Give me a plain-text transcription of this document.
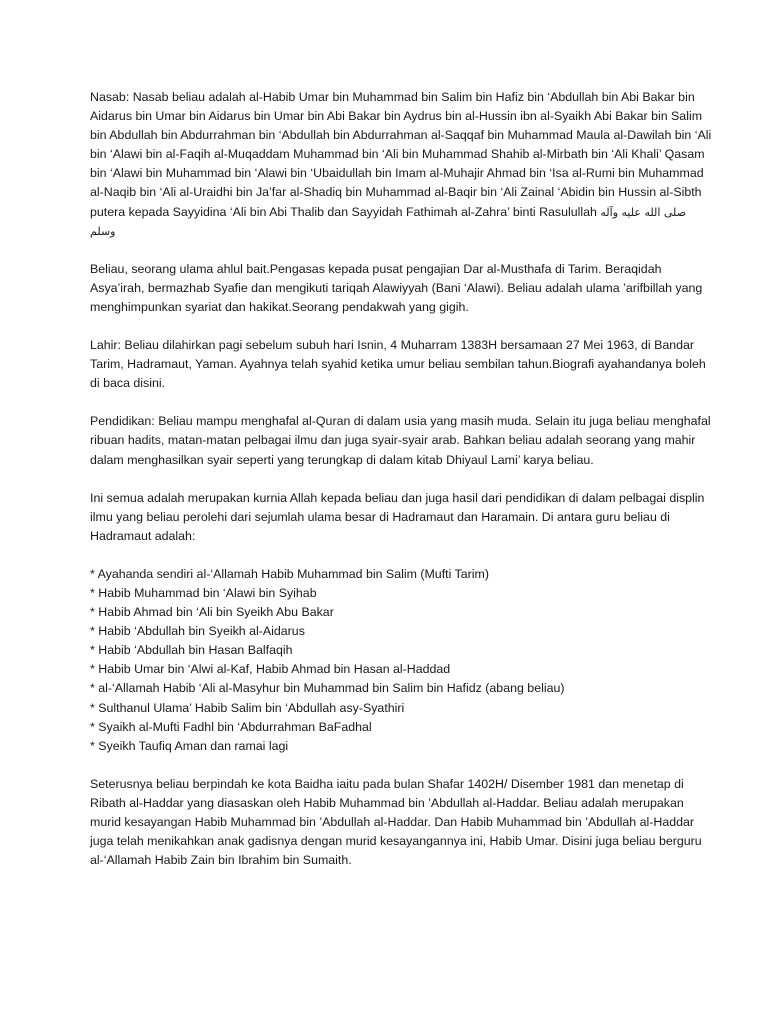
Nasab: Nasab beliau adalah al-Habib Umar bin Muhammad bin Salim bin Hafiz bin ‘Abdullah bin Abi Bakar bin Aidarus bin Umar bin Aidarus bin Umar bin Abi Bakar bin Aydrus bin al-Hussin ibn al-Syaikh Abi Bakar bin Salim bin Abdullah bin Abdurrahman bin ‘Abdullah bin Abdurrahman al-Saqqaf bin Muhammad Maula al-Dawilah bin ‘Ali bin ‘Alawi bin al-Faqih al-Muqaddam Muhammad bin ‘Ali bin Muhammad Shahib al-Mirbath bin ‘Ali Khali’ Qasam bin ‘Alawi bin Muhammad bin ‘Alawi bin ‘Ubaidullah bin Imam al-Muhajir Ahmad bin ‘Isa al-Rumi bin Muhammad al-Naqib bin ‘Ali al-Uraidhi bin Ja’far al-Shadiq bin Muhammad al-Baqir bin ‘Ali Zainal ‘Abidin bin Hussin al-Sibth putera kepada Sayyidina ‘Ali bin Abi Thalib dan Sayyidah Fathimah al-Zahra’ binti Rasulullah صلى الله عليه وآله وسلم

Beliau, seorang ulama ahlul bait.Pengasas kepada pusat pengajian Dar al-Musthafa di Tarim. Beraqidah Asya’irah, bermazhab Syafie dan mengikuti tariqah Alawiyyah (Bani ‘Alawi). Beliau adalah ulama ’arifbillah yang menghimpunkan syariat dan hakikat.Seorang pendakwah yang gigih.

Lahir: Beliau dilahirkan pagi sebelum subuh hari Isnin, 4 Muharram 1383H bersamaan 27 Mei 1963, di Bandar Tarim, Hadramaut, Yaman. Ayahnya telah syahid ketika umur beliau sembilan tahun.Biografi ayahandanya boleh di baca disini.

Pendidikan: Beliau mampu menghafal al-Quran di dalam usia yang masih muda. Selain itu juga beliau menghafal ribuan hadits, matan-matan pelbagai ilmu dan juga syair-syair arab. Bahkan beliau adalah seorang yang mahir dalam menghasilkan syair seperti yang terungkap di dalam kitab Dhiyaul Lami’ karya beliau.

Ini semua adalah merupakan kurnia Allah kepada beliau dan juga hasil dari pendidikan di dalam pelbagai displin ilmu yang beliau perolehi dari sejumlah ulama besar di Hadramaut dan Haramain. Di antara guru beliau di Hadramaut adalah:

* Ayahanda sendiri al-‘Allamah Habib Muhammad bin Salim (Mufti Tarim)
* Habib Muhammad bin ‘Alawi bin Syihab
* Habib Ahmad bin ‘Ali bin Syeikh Abu Bakar
* Habib ‘Abdullah bin Syeikh al-Aidarus
* Habib ‘Abdullah bin Hasan Balfaqih
* Habib Umar bin ‘Alwi al-Kaf, Habib Ahmad bin Hasan al-Haddad
* al-‘Allamah Habib ‘Ali al-Masyhur bin Muhammad bin Salim bin Hafidz (abang beliau)
* Sulthanul Ulama’ Habib Salim bin ‘Abdullah asy-Syathiri
* Syaikh al-Mufti Fadhl bin ‘Abdurrahman BaFadhal
* Syeikh Taufiq Aman dan ramai lagi

Seterusnya beliau berpindah ke kota Baidha iaitu pada bulan Shafar 1402H/ Disember 1981 dan menetap di Ribath al-Haddar yang diasaskan oleh Habib Muhammad bin ’Abdullah al-Haddar. Beliau adalah merupakan murid kesayangan Habib Muhammad bin ’Abdullah al-Haddar. Dan Habib Muhammad bin ’Abdullah al-Haddar juga telah menikahkan anak gadisnya dengan murid kesayangannya ini, Habib Umar. Disini juga beliau berguru al-‘Allamah Habib Zain bin Ibrahim bin Sumaith.
